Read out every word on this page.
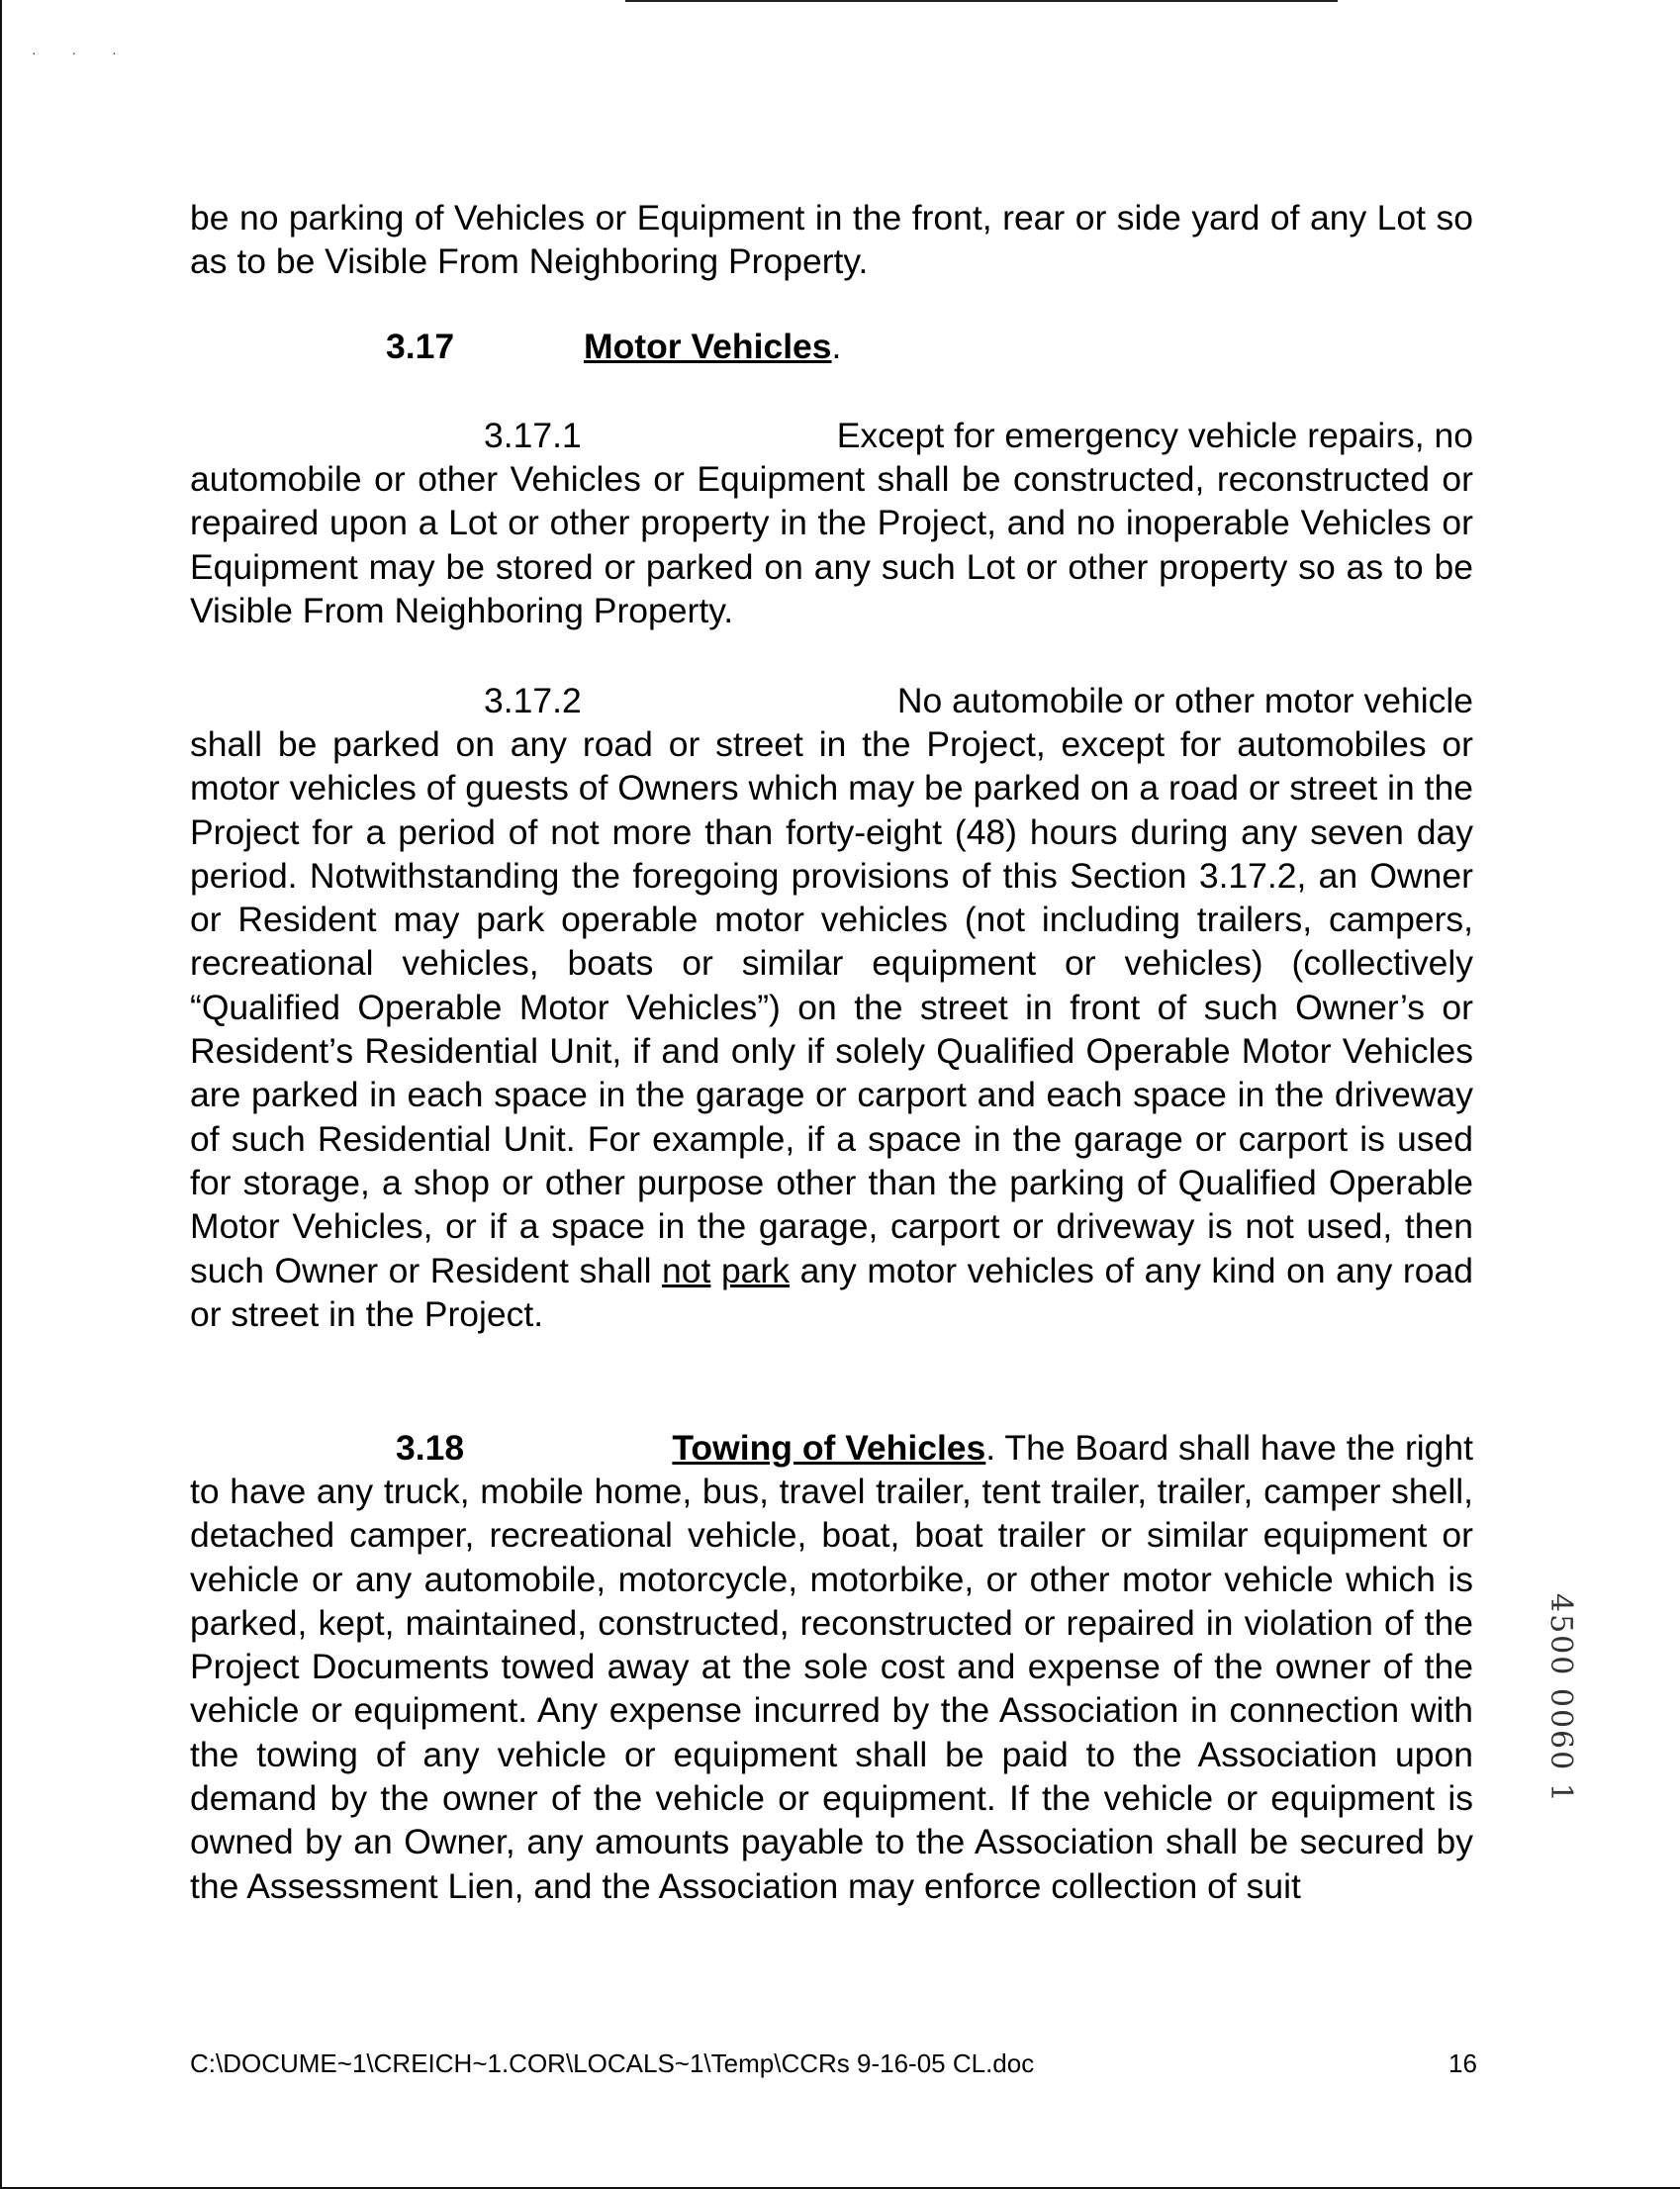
· · ·

be no parking of Vehicles or Equipment in the front, rear or side yard of any Lot so as to be Visible From Neighboring Property.

3.17	Motor Vehicles.
3.17.1	Except for emergency vehicle repairs, no

automobile or other Vehicles or Equipment shall be constructed, reconstructed or repaired upon a Lot or other property in the Project, and no inoperable Vehicles or Equipment may be stored or parked on any such Lot or other property so as to be Visible From Neighboring Property.

3.17.2	No automobile or other motor vehicle

shall be parked on any road or street in the Project, except for automobiles or motor vehicles of guests of Owners which may be parked on a road or street in the Project for a period of not more than forty-eight (48) hours during any seven day period. Notwithstanding the foregoing provisions of this Section 3.17.2, an Owner or Resident may park operable motor vehicles (not including trailers, campers, recreational vehicles, boats or similar equipment or vehicles) (collectively “Qualified Operable Motor Vehicles”) on the street in front of such Owner’s or Resident’s Residential Unit, if and only if solely Qualified Operable Motor Vehicles are parked in each space in the garage or carport and each space in the driveway of such Residential Unit. For example, if a space in the garage or carport is used for storage, a shop or other purpose other than the parking of Qualified Operable Motor Vehicles, or if a space in the garage, carport or driveway is not used, then such Owner or Resident shall not park any motor vehicles of any kind on any road or street in the Project.

3.18	Towing of Vehicles. The Board shall have the right

to have any truck, mobile home, bus, travel trailer, tent trailer, trailer, camper shell, detached camper, recreational vehicle, boat, boat trailer or similar equipment or vehicle or any automobile, motorcycle, motorbike, or other motor vehicle which is parked, kept, maintained, constructed, reconstructed or repaired in violation of the Project Documents towed away at the sole cost and expense of the owner of the vehicle or equipment. Any expense incurred by the Association in connection with the towing of any vehicle or equipment shall be paid to the Association upon demand by the owner of the vehicle or equipment. If the vehicle or equipment is owned by an Owner, any amounts payable to the Association shall be secured by the Assessment Lien, and the Association may enforce collection of suit

C:\DOCUME~1\CREICH~1.COR\LOCALS~1\Temp\CCRs 9-16-05 CL.doc	16
4500 0060 1
